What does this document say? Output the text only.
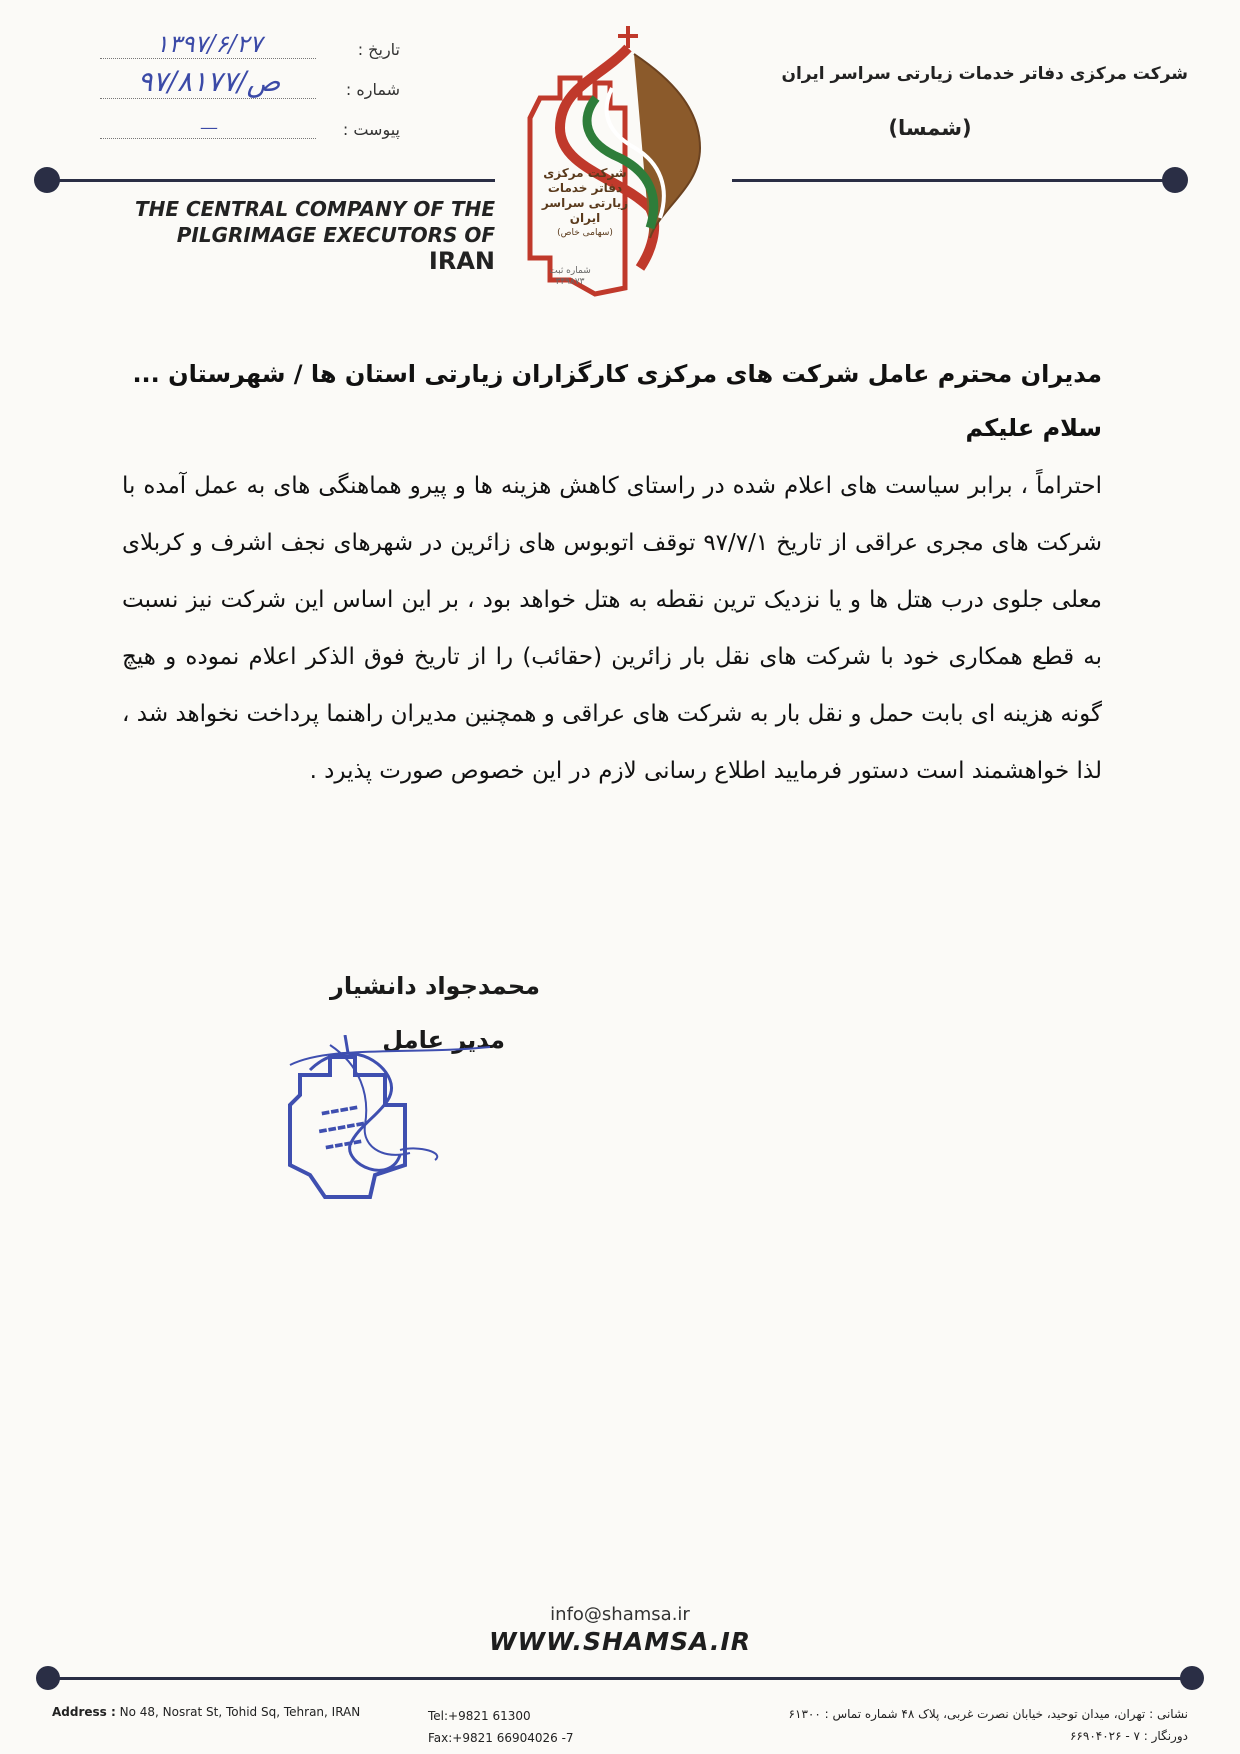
شرکت مرکزی دفاتر خدمات زیارتی سراسر ایران
(شمسا)
تاریخ :
۱۳۹۷/۶/۲۷
شماره :
۹۷/۸۱۷۷/ص
پیوست :
—
شرکت مرکزی
دفاتر خدمات
زیارتی سراسر
ایران
(سهامی خاص)
شماره ثبت
۳۴۹۸۷۳
THE CENTRAL COMPANY OF THE
PILGRIMAGE EXECUTORS OF IRAN
مدیران محترم عامل شرکت های مرکزی کارگزاران زیارتی استان ها / شهرستان ...
سلام علیکم
احتراماً ، برابر سیاست های اعلام شده در راستای کاهش هزینه ها و پیرو هماهنگی های به عمل آمده با شرکت های مجری عراقی از تاریخ ۹۷/۷/۱ توقف اتوبوس های زائرین در شهرهای نجف اشرف و کربلای معلی جلوی درب هتل ها و یا نزدیک ترین نقطه به هتل خواهد بود ، بر این اساس این شرکت نیز نسبت به قطع همکاری خود با شرکت های نقل بار زائرین (حقائب) را از تاریخ فوق الذکر اعلام نموده و هیچ گونه هزینه ای بابت حمل و نقل بار به شرکت های عراقی و همچنین مدیران راهنما پرداخت نخواهد شد ، لذا خواهشمند است دستور فرمایید اطلاع رسانی لازم در این خصوص صورت پذیرد .
محمدجواد دانشیار
مدیر عامل
▬▬▬▬
▬▬▬▬▬
▬▬▬▬
info@shamsa.ir
WWW.SHAMSA.IR
Address : No 48, Nosrat St, Tohid Sq, Tehran, IRAN	Tel:+9821 61300
Fax:+9821 66904026 -7
نشانی : تهران، میدان توحید، خیابان نصرت غربی، پلاک ۴۸ شماره تماس : ۶۱۳۰۰
دورنگار : ۷ - ۶۶۹۰۴۰۲۶
